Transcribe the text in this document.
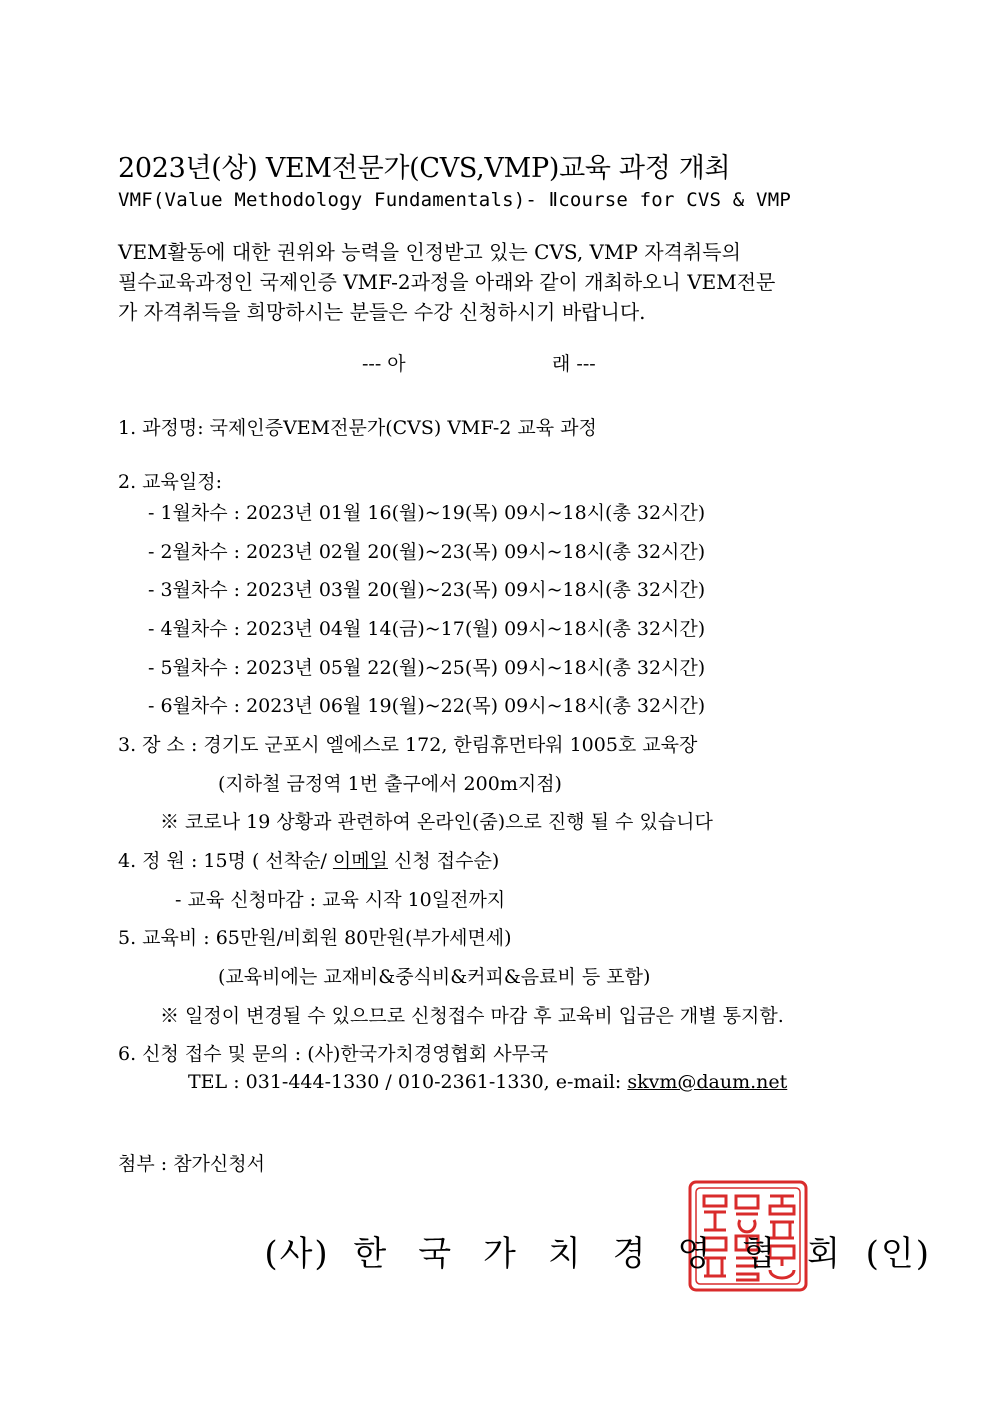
2023년(상) VEM전문가(CVS,VMP)교육 과정 개최
VMF(Value Methodology Fundamentals)- Ⅱcourse for CVS & VMP
VEM활동에 대한 권위와 능력을 인정받고 있는 CVS, VMP 자격취득의
필수교육과정인 국제인증 VMF-2과정을 아래와 같이 개최하오니 VEM전문
가 자격취득을 희망하시는 분들은 수강 신청하시기 바랍니다.
--- 아	래 ---
1. 과정명: 국제인증VEM전문가(CVS) VMF-2 교육 과정
2. 교육일정:
- 1월차수 : 2023년 01월 16(월)~19(목) 09시~18시(총 32시간)
- 2월차수 : 2023년 02월 20(월)~23(목) 09시~18시(총 32시간)
- 3월차수 : 2023년 03월 20(월)~23(목) 09시~18시(총 32시간)
- 4월차수 : 2023년 04월 14(금)~17(월) 09시~18시(총 32시간)
- 5월차수 : 2023년 05월 22(월)~25(목) 09시~18시(총 32시간)
- 6월차수 : 2023년 06월 19(월)~22(목) 09시~18시(총 32시간)
3. 장 소 : 경기도 군포시 엘에스로 172, 한림휴먼타워 1005호 교육장
(지하철 금정역 1번 출구에서 200m지점)
※ 코로나 19 상황과 관련하여 온라인(줌)으로 진행 될 수 있습니다
4. 정 원 : 15명 ( 선착순/ 이메일 신청 접수순)
- 교육 신청마감 : 교육 시작 10일전까지
5. 교육비 : 65만원/비회원 80만원(부가세면세)
(교육비에는 교재비&중식비&커피&음료비 등 포함)
※ 일정이 변경될 수 있으므로 신청접수 마감 후 교육비 입금은 개별 통지함.
6. 신청 접수 및 문의 : (사)한국가치경영협회 사무국
TEL : 031-444-1330 / 010-2361-1330, e-mail: skvm@daum.net
첨부 : 참가신청서
(사) 한 국 가 치 경 영 협 회 (인)
